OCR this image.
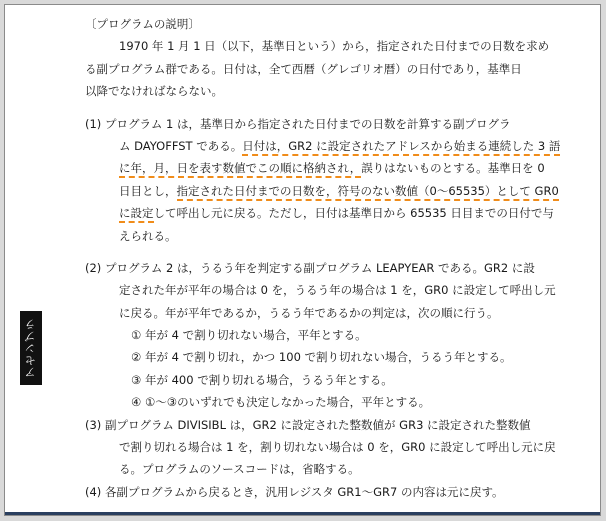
アセンブラ
〔プログラムの説明〕
1970 年 1 月 1 日（以下，基準日という）から，指定された日付までの日数を求め
る副プログラム群である。日付は，全て西暦（グレゴリオ暦）の日付であり，基準日
以降でなければならない。
(1) プログラム 1 は，基準日から指定された日付までの日数を計算する副プログラ
ム DAYOFFST である。日付は，GR2 に設定されたアドレスから始まる連続した 3 語
に年，月，日を表す数値でこの順に格納され，誤りはないものとする。基準日を 0
日目とし，指定された日付までの日数を，符号のない数値（0～65535）として GR0
に設定して呼出し元に戻る。ただし，日付は基準日から 65535 日目までの日付で与
えられる。
(2) プログラム 2 は，うるう年を判定する副プログラム LEAPYEAR である。GR2 に設
定された年が平年の場合は 0 を，うるう年の場合は 1 を，GR0 に設定して呼出し元
に戻る。年が平年であるか，うるう年であるかの判定は，次の順に行う。
① 年が 4 で割り切れない場合，平年とする。
② 年が 4 で割り切れ，かつ 100 で割り切れない場合，うるう年とする。
③ 年が 400 で割り切れる場合，うるう年とする。
④ ①～③のいずれでも決定しなかった場合，平年とする。
(3) 副プログラム DIVISIBL は，GR2 に設定された整数値が GR3 に設定された整数値
で割り切れる場合は 1 を，割り切れない場合は 0 を，GR0 に設定して呼出し元に戻
る。プログラムのソースコードは，省略する。
(4) 各副プログラムから戻るとき，汎用レジスタ GR1～GR7 の内容は元に戻す。
